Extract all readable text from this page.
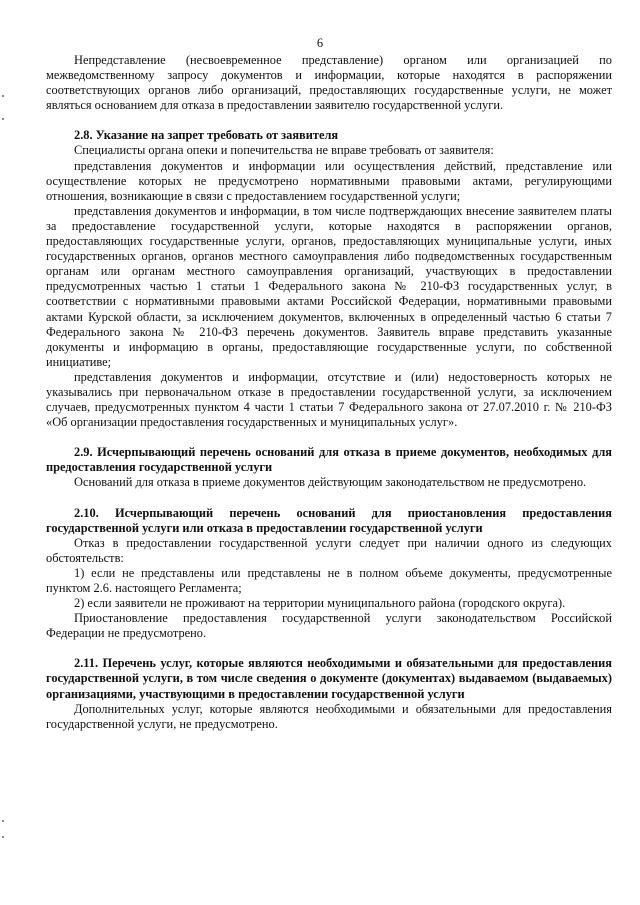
6

Непредставление (несвоевременное представление) органом или организацией по межведомственному запросу документов и информации, которые находятся в распоряжении соответствующих органов либо организаций, предоставляющих государственные услуги, не может являться основанием для отказа в предоставлении заявителю государственной услуги.

2.8. Указание на запрет требовать от заявителя

Специалисты органа опеки и попечительства не вправе требовать от заявителя:

представления документов и информации или осуществления действий, представление или осуществление которых не предусмотрено нормативными правовыми актами, регулирующими отношения, возникающие в связи с предоставлением государственной услуги;

представления документов и информации, в том числе подтверждающих внесение заявителем платы за предоставление государственной услуги, которые находятся в распоряжении органов, предоставляющих государственные услуги, органов, предоставляющих муниципальные услуги, иных государственных органов, органов местного самоуправления либо подведомственных государственным органам или органам местного самоуправления организаций, участвующих в предоставлении предусмотренных частью 1 статьи 1 Федерального закона № 210-ФЗ государственных услуг, в соответствии с нормативными правовыми актами Российской Федерации, нормативными правовыми актами Курской области, за исключением документов, включенных в определенный частью 6 статьи 7 Федерального закона № 210-ФЗ перечень документов. Заявитель вправе представить указанные документы и информацию в органы, предоставляющие государственные услуги, по собственной инициативе;

представления документов и информации, отсутствие и (или) недостоверность которых не указывались при первоначальном отказе в предоставлении государственной услуги, за исключением случаев, предусмотренных пунктом 4 части 1 статьи 7 Федерального закона от 27.07.2010 г. № 210-ФЗ «Об организации предоставления государственных и муниципальных услуг».

2.9. Исчерпывающий перечень оснований для отказа в приеме документов, необходимых для предоставления государственной услуги

Оснований для отказа в приеме документов действующим законодательством не предусмотрено.

2.10. Исчерпывающий перечень оснований для приостановления предоставления государственной услуги или отказа в предоставлении государственной услуги

Отказ в предоставлении государственной услуги следует при наличии одного из следующих обстоятельств:

1) если не представлены или представлены не в полном объеме документы, предусмотренные пунктом 2.6. настоящего Регламента;

2) если заявители не проживают на территории муниципального района (городского округа).

Приостановление предоставления государственной услуги законодательством Российской Федерации не предусмотрено.

2.11. Перечень услуг, которые являются необходимыми и обязательными для предоставления государственной услуги, в том числе сведения о документе (документах) выдаваемом (выдаваемых) организациями, участвующими в предоставлении государственной услуги

Дополнительных услуг, которые являются необходимыми и обязательными для предоставления государственной услуги, не предусмотрено.
